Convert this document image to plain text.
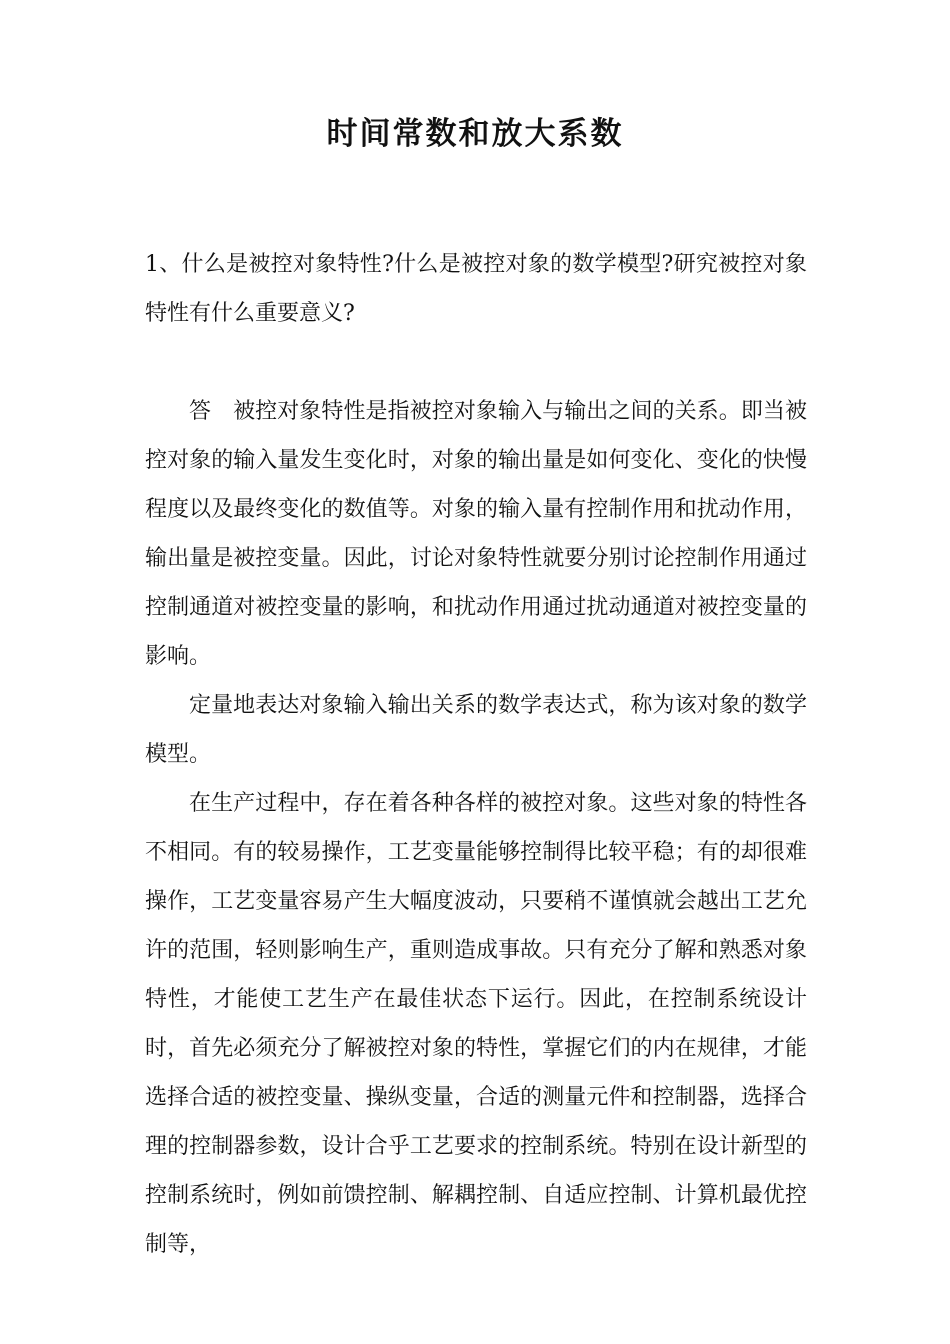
时间常数和放大系数

1、什么是被控对象特性?什么是被控对象的数学模型?研究被控对象特性有什么重要意义?

答 被控对象特性是指被控对象输入与输出之间的关系。即当被控对象的输入量发生变化时，对象的输出量是如何变化、变化的快慢程度以及最终变化的数值等。对象的输入量有控制作用和扰动作用，输出量是被控变量。因此，讨论对象特性就要分别讨论控制作用通过控制通道对被控变量的影响，和扰动作用通过扰动通道对被控变量的影响。

定量地表达对象输入输出关系的数学表达式，称为该对象的数学模型。

在生产过程中，存在着各种各样的被控对象。这些对象的特性各不相同。有的较易操作，工艺变量能够控制得比较平稳；有的却很难操作，工艺变量容易产生大幅度波动，只要稍不谨慎就会越出工艺允许的范围，轻则影响生产，重则造成事故。只有充分了解和熟悉对象特性，才能使工艺生产在最佳状态下运行。因此，在控制系统设计时，首先必须充分了解被控对象的特性，掌握它们的内在规律，才能选择合适的被控变量、操纵变量，合适的测量元件和控制器，选择合理的控制器参数，设计合乎工艺要求的控制系统。特别在设计新型的控制系统时，例如前馈控制、解耦控制、自适应控制、计算机最优控制等，
